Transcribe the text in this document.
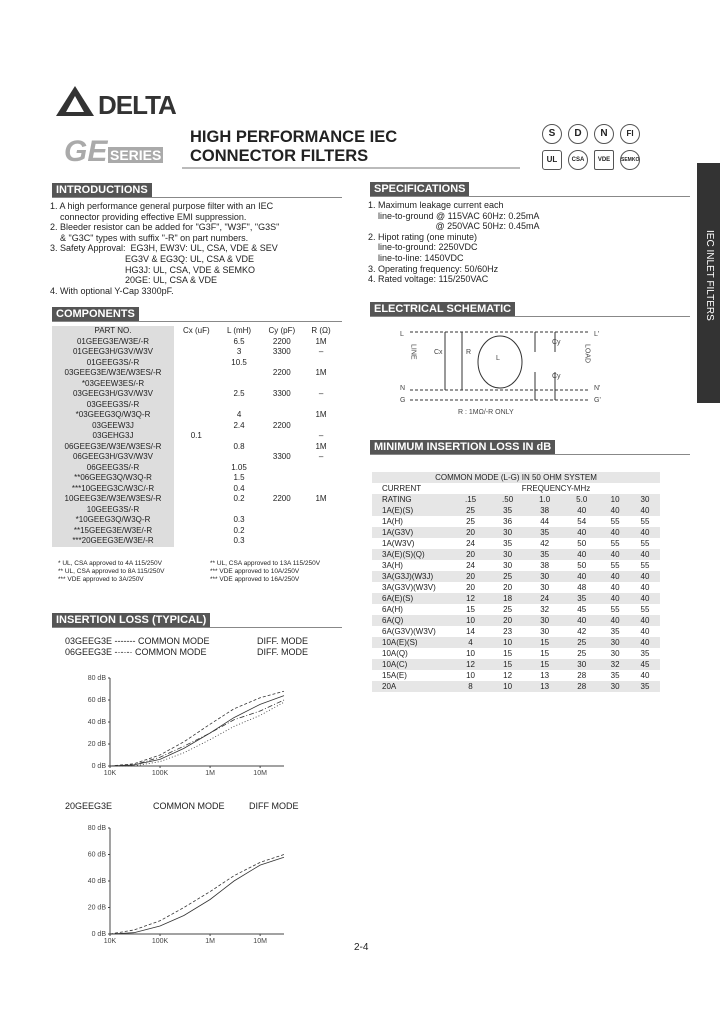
DELTA
GE SERIES
HIGH PERFORMANCE IEC
CONNECTOR FILTERS
S	D	N	FI
UL	CSA	VDE	SEMKO
IEC INLET FILTERS
INTRODUCTIONS
1. A high performance general purpose filter with an IEC
connector providing effective EMI suppression.
2. Bleeder resistor can be added for "G3F", "W3F", "G3S"
& "G3C" types with suffix "-R" on part numbers.
3. Safety Approval:  EG3H, EW3V: UL, CSA, VDE & SEV
EG3V & EG3Q: UL, CSA & VDE
HG3J: UL, CSA, VDE & SEMKO
20GE: UL, CSA & VDE
4. With optional Y-Cap 3300pF.
COMPONENTS
PART NO.	Cx (uF)	L (mH)	Cy (pF)	R (Ω)
01GEEG3E/W3E/-R		6.5	2200	1M
01GEEG3H/G3V/W3V		3	3300	–
01GEEG3S/-R		10.5		
03GEEG3E/W3E/W3ES/-R			2200	1M
*03GEEW3ES/-R				
03GEEG3H/G3V/W3V		2.5	3300	–
03GEEG3S/-R				
*03GEEG3Q/W3Q-R		4		1M
03GEEW3J		2.4	2200	
03GEHG3J	0.1			–
06GEEG3E/W3E/W3ES/-R		0.8		1M
06GEEG3H/G3V/W3V			3300	–
06GEEG3S/-R		1.05		
**06GEEG3Q/W3Q-R		1.5		
***10GEEG3C/W3C/-R		0.4		
10GEEG3E/W3E/W3ES/-R		0.2	2200	1M
10GEEG3S/-R				
*10GEEG3Q/W3Q-R		0.3		
**15GEEG3E/W3E/-R		0.2		
***20GEEG3E/W3E/-R		0.3		
* UL, CSA approved to 4A 115/250V
** UL, CSA approved to 8A 115/250V
*** VDE approved to 3A/250V
** UL, CSA approved to 13A 115/250V
*** VDE approved to 10A/250V
*** VDE approved to 16A/250V
SPECIFICATIONS
1. Maximum leakage current each
line-to-ground @ 115VAC 60Hz: 0.25mA
@ 250VAC 50Hz: 0.45mA
2. Hipot rating (one minute)
line-to-ground: 2250VDC
line-to-line: 1450VDC
3. Operating frequency: 50/60Hz
4. Rated voltage: 115/250VAC
ELECTRICAL SCHEMATIC
L	L'
N	N'
G	G'
LINE	LOAD
Cx	R
L
Cy
Cy
R : 1MΩ/-R ONLY
MINIMUM INSERTION LOSS IN dB
COMMON MODE (L-G) IN 50 OHM SYSTEM						
CURRENT	FREQUENCY-MHz					
RATING	.15	.50	1.0	5.0	10	30
1A(E)(S)	25	35	38	40	40	40
1A(H)	25	36	44	54	55	55
1A(G3V)	20	30	35	40	40	40
1A(W3V)	24	35	42	50	55	55
3A(E)(S)(Q)	20	30	35	40	40	40
3A(H)	24	30	38	50	55	55
3A(G3J)(W3J)	20	25	30	40	40	40
3A(G3V)(W3V)	20	20	30	48	40	40
6A(E)(S)	12	18	24	35	40	40
6A(H)	15	25	32	45	55	55
6A(Q)	10	20	30	40	40	40
6A(G3V)(W3V)	14	23	30	42	35	40
10A(E)(S)	4	10	15	25	30	40
10A(Q)	10	15	15	25	30	35
10A(C)	12	15	15	30	32	45
15A(E)	10	12	13	28	35	40
20A	8	10	13	28	30	35
INSERTION LOSS (TYPICAL)
03GEEG3E ------- COMMON MODE	DIFF. MODE
06GEEG3E -·-·-· COMMON MODE	DIFF. MODE
0 dB
20 dB
40 dB
60 dB
80 dB
10K	100K	1M	10M
20GEEG3E	COMMON MODE	DIFF MODE
0 dB
20 dB
40 dB
60 dB
80 dB
10K	100K	1M	10M
2-4
